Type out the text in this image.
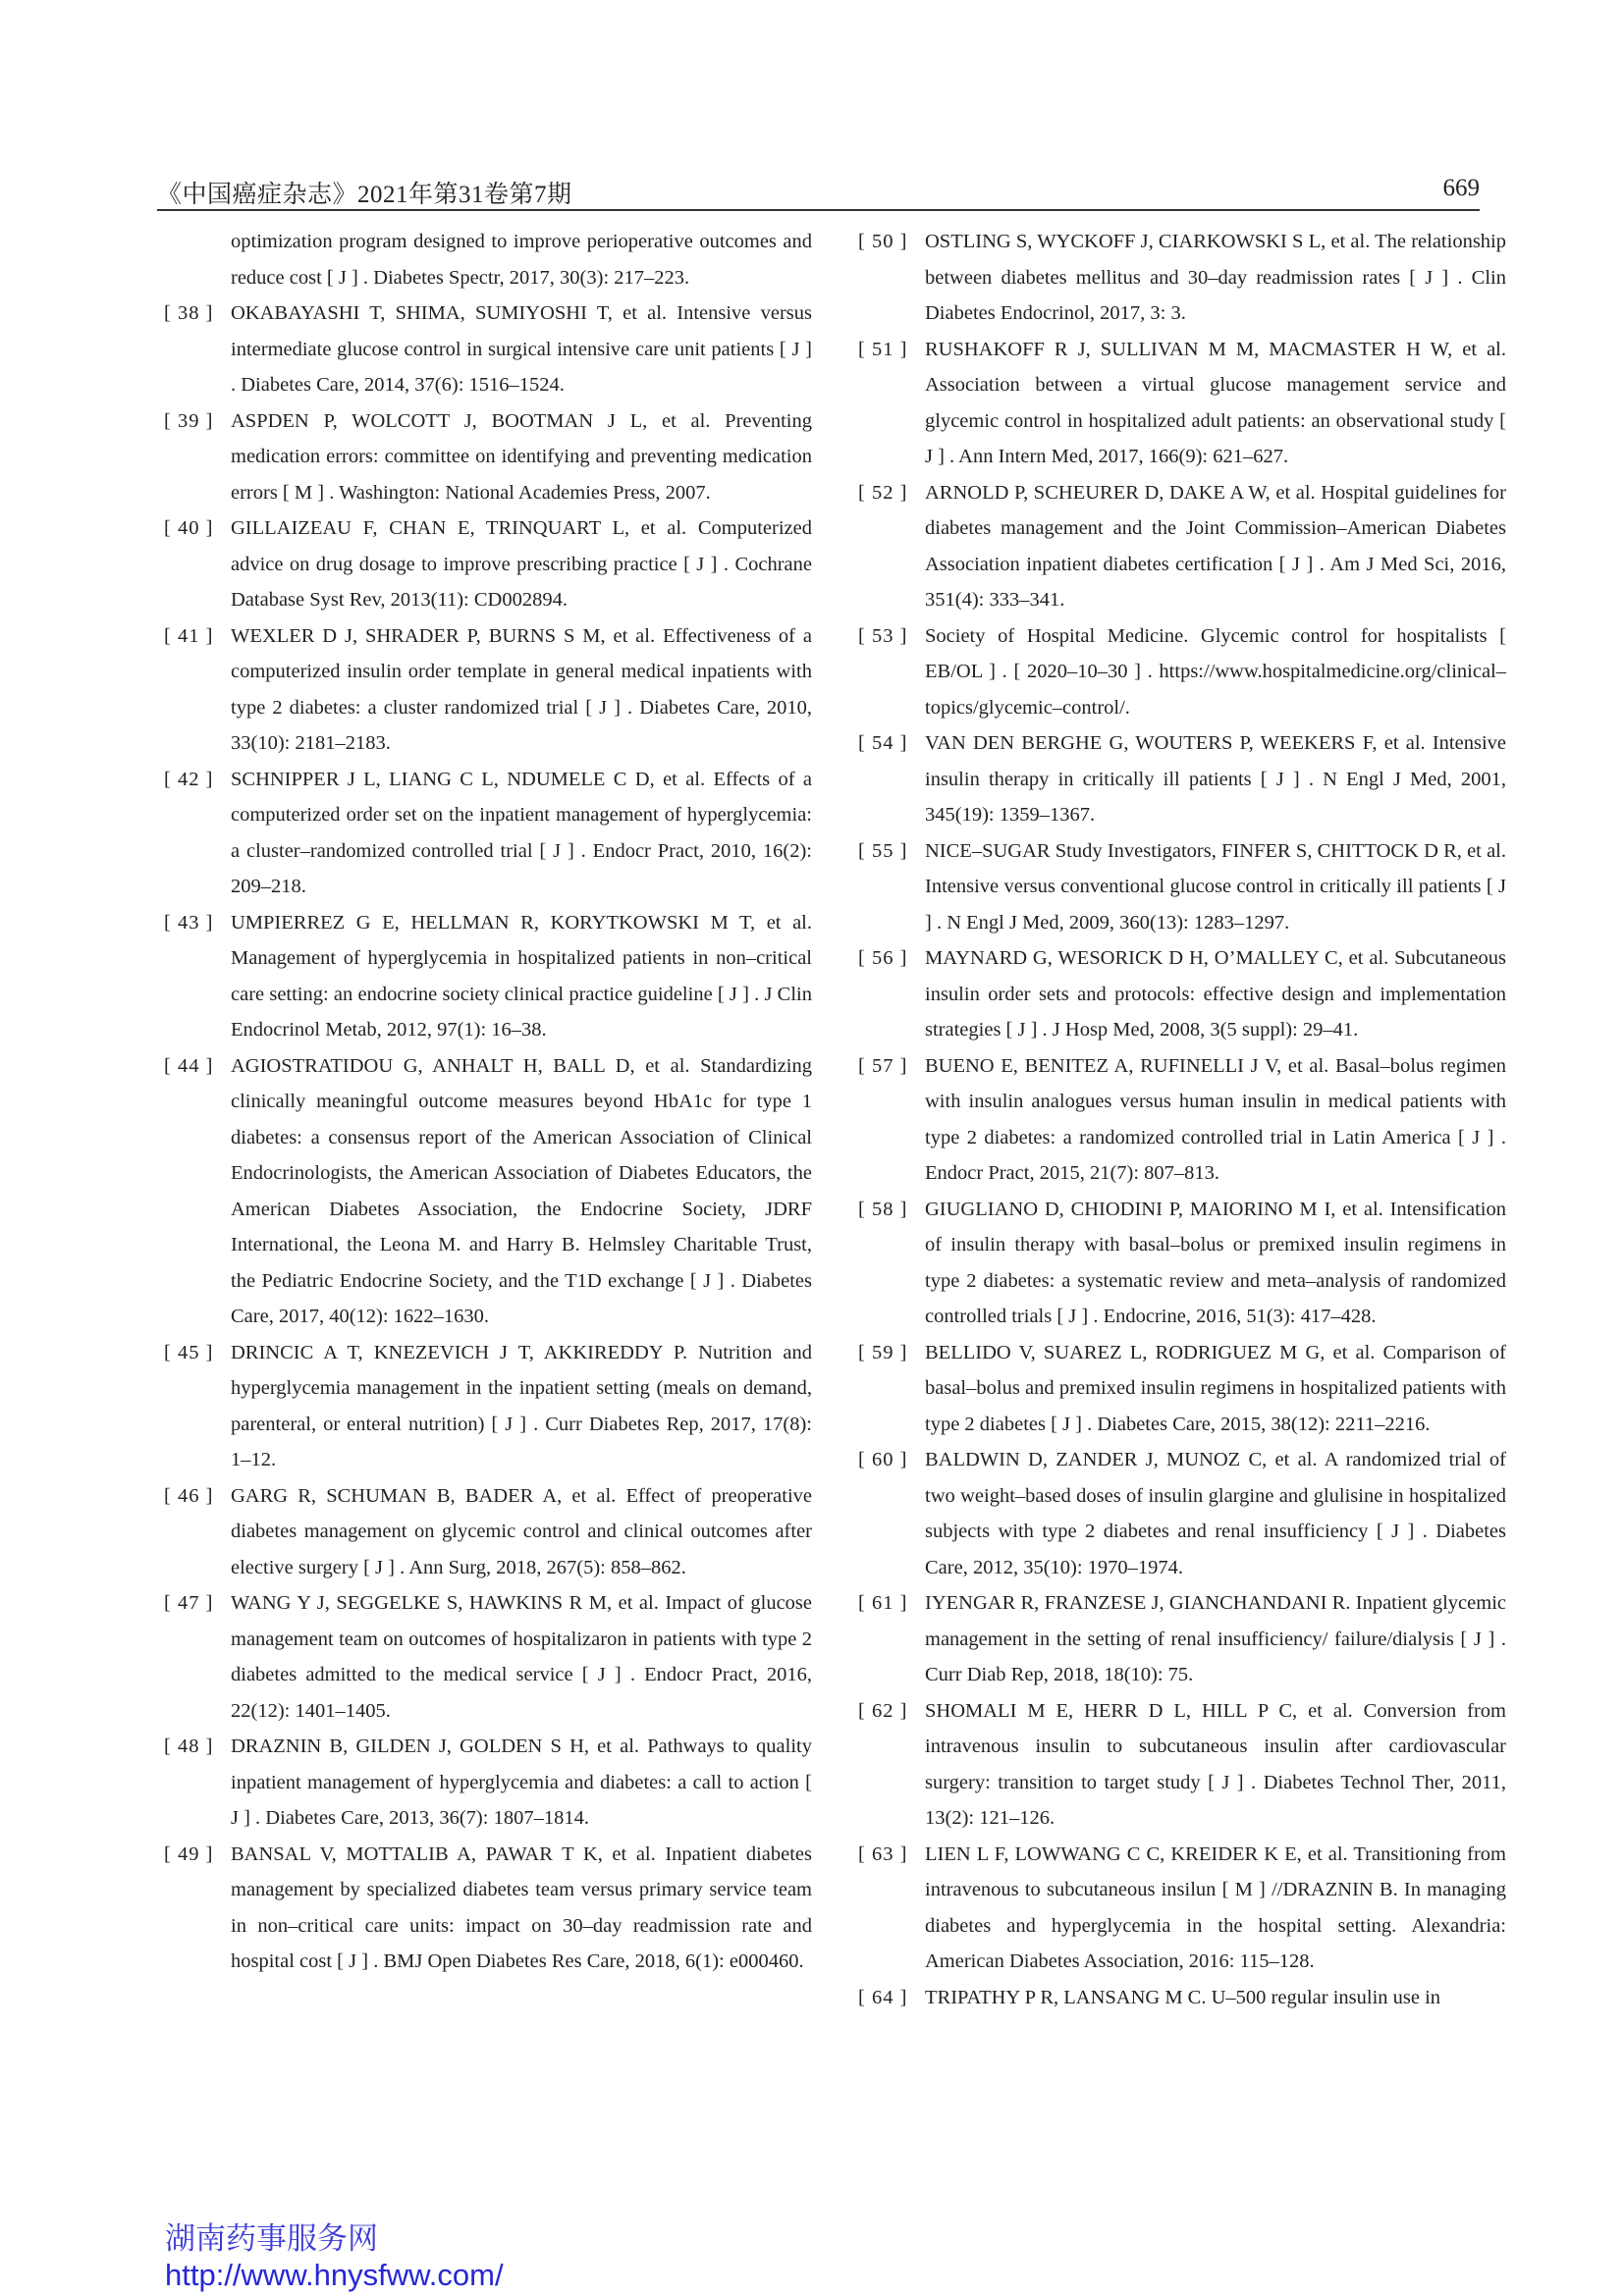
《中国癌症杂志》2021年第31卷第7期	669

optimization program designed to improve perioperative outcomes and reduce cost [ J ] . Diabetes Spectr, 2017, 30(3): 217–223.

[ 38 ] OKABAYASHI T, SHIMA, SUMIYOSHI T, et al. Intensive versus intermediate glucose control in surgical intensive care unit patients [ J ] . Diabetes Care, 2014, 37(6): 1516–1524.

[ 39 ] ASPDEN P, WOLCOTT J, BOOTMAN J L, et al. Preventing medication errors: committee on identifying and preventing medication errors [ M ] . Washington: National Academies Press, 2007.

[ 40 ] GILLAIZEAU F, CHAN E, TRINQUART L, et al. Computerized advice on drug dosage to improve prescribing practice [ J ] . Cochrane Database Syst Rev, 2013(11): CD002894.

[ 41 ] WEXLER D J, SHRADER P, BURNS S M, et al. Effectiveness of a computerized insulin order template in general medical inpatients with type 2 diabetes: a cluster randomized trial [ J ] . Diabetes Care, 2010, 33(10): 2181–2183.

[ 42 ] SCHNIPPER J L, LIANG C L, NDUMELE C D, et al. Effects of a computerized order set on the inpatient management of hyperglycemia: a cluster–randomized controlled trial [ J ] . Endocr Pract, 2010, 16(2): 209–218.

[ 43 ] UMPIERREZ G E, HELLMAN R, KORYTKOWSKI M T, et al. Management of hyperglycemia in hospitalized patients in non–critical care setting: an endocrine society clinical practice guideline [ J ] . J Clin Endocrinol Metab, 2012, 97(1): 16–38.

[ 44 ] AGIOSTRATIDOU G, ANHALT H, BALL D, et al. Standardizing clinically meaningful outcome measures beyond HbA1c for type 1 diabetes: a consensus report of the American Association of Clinical Endocrinologists, the American Association of Diabetes Educators, the American Diabetes Association, the Endocrine Society, JDRF International, the Leona M. and Harry B. Helmsley Charitable Trust, the Pediatric Endocrine Society, and the T1D exchange [ J ] . Diabetes Care, 2017, 40(12): 1622–1630.

[ 45 ] DRINCIC A T, KNEZEVICH J T, AKKIREDDY P. Nutrition and hyperglycemia management in the inpatient setting (meals on demand, parenteral, or enteral nutrition) [ J ] . Curr Diabetes Rep, 2017, 17(8): 1–12.

[ 46 ] GARG R, SCHUMAN B, BADER A, et al. Effect of preoperative diabetes management on glycemic control and clinical outcomes after elective surgery [ J ] . Ann Surg, 2018, 267(5): 858–862.

[ 47 ] WANG Y J, SEGGELKE S, HAWKINS R M, et al. Impact of glucose management team on outcomes of hospitalizaron in patients with type 2 diabetes admitted to the medical service [ J ] . Endocr Pract, 2016, 22(12): 1401–1405.

[ 48 ] DRAZNIN B, GILDEN J, GOLDEN S H, et al. Pathways to quality inpatient management of hyperglycemia and diabetes: a call to action [ J ] . Diabetes Care, 2013, 36(7): 1807–1814.

[ 49 ] BANSAL V, MOTTALIB A, PAWAR T K, et al. Inpatient diabetes management by specialized diabetes team versus primary service team in non–critical care units: impact on 30–day readmission rate and hospital cost [ J ] . BMJ Open Diabetes Res Care, 2018, 6(1): e000460.

[ 50 ] OSTLING S, WYCKOFF J, CIARKOWSKI S L, et al. The relationship between diabetes mellitus and 30–day readmission rates [ J ] . Clin Diabetes Endocrinol, 2017, 3: 3.

[ 51 ] RUSHAKOFF R J, SULLIVAN M M, MACMASTER H W, et al. Association between a virtual glucose management service and glycemic control in hospitalized adult patients: an observational study [ J ] . Ann Intern Med, 2017, 166(9): 621–627.

[ 52 ] ARNOLD P, SCHEURER D, DAKE A W, et al. Hospital guidelines for diabetes management and the Joint Commission–American Diabetes Association inpatient diabetes certification [ J ] . Am J Med Sci, 2016, 351(4): 333–341.

[ 53 ] Society of Hospital Medicine. Glycemic control for hospitalists [ EB/OL ] . [ 2020–10–30 ] . https://www.hospitalmedicine.org/clinical–topics/glycemic–control/.

[ 54 ] VAN DEN BERGHE G, WOUTERS P, WEEKERS F, et al. Intensive insulin therapy in critically ill patients [ J ] . N Engl J Med, 2001, 345(19): 1359–1367.

[ 55 ] NICE–SUGAR Study Investigators, FINFER S, CHITTOCK D R, et al. Intensive versus conventional glucose control in critically ill patients [ J ] . N Engl J Med, 2009, 360(13): 1283–1297.

[ 56 ] MAYNARD G, WESORICK D H, O’MALLEY C, et al. Subcutaneous insulin order sets and protocols: effective design and implementation strategies [ J ] . J Hosp Med, 2008, 3(5 suppl): 29–41.

[ 57 ] BUENO E, BENITEZ A, RUFINELLI J V, et al. Basal–bolus regimen with insulin analogues versus human insulin in medical patients with type 2 diabetes: a randomized controlled trial in Latin America [ J ] . Endocr Pract, 2015, 21(7): 807–813.

[ 58 ] GIUGLIANO D, CHIODINI P, MAIORINO M I, et al. Intensification of insulin therapy with basal–bolus or premixed insulin regimens in type 2 diabetes: a systematic review and meta–analysis of randomized controlled trials [ J ] . Endocrine, 2016, 51(3): 417–428.

[ 59 ] BELLIDO V, SUAREZ L, RODRIGUEZ M G, et al. Comparison of basal–bolus and premixed insulin regimens in hospitalized patients with type 2 diabetes [ J ] . Diabetes Care, 2015, 38(12): 2211–2216.

[ 60 ] BALDWIN D, ZANDER J, MUNOZ C, et al. A randomized trial of two weight–based doses of insulin glargine and glulisine in hospitalized subjects with type 2 diabetes and renal insufficiency [ J ] . Diabetes Care, 2012, 35(10): 1970–1974.

[ 61 ] IYENGAR R, FRANZESE J, GIANCHANDANI R. Inpatient glycemic management in the setting of renal insufficiency/ failure/dialysis [ J ] . Curr Diab Rep, 2018, 18(10): 75.

[ 62 ] SHOMALI M E, HERR D L, HILL P C, et al. Conversion from intravenous insulin to subcutaneous insulin after cardiovascular surgery: transition to target study [ J ] . Diabetes Technol Ther, 2011, 13(2): 121–126.

[ 63 ] LIEN L F, LOWWANG C C, KREIDER K E, et al. Transitioning from intravenous to subcutaneous insilun [ M ] //DRAZNIN B. In managing diabetes and hyperglycemia in the hospital setting. Alexandria: American Diabetes Association, 2016: 115–128.

[ 64 ] TRIPATHY P R, LANSANG M C. U–500 regular insulin use in

湖南药事服务网
http://www.hnysfww.com/
